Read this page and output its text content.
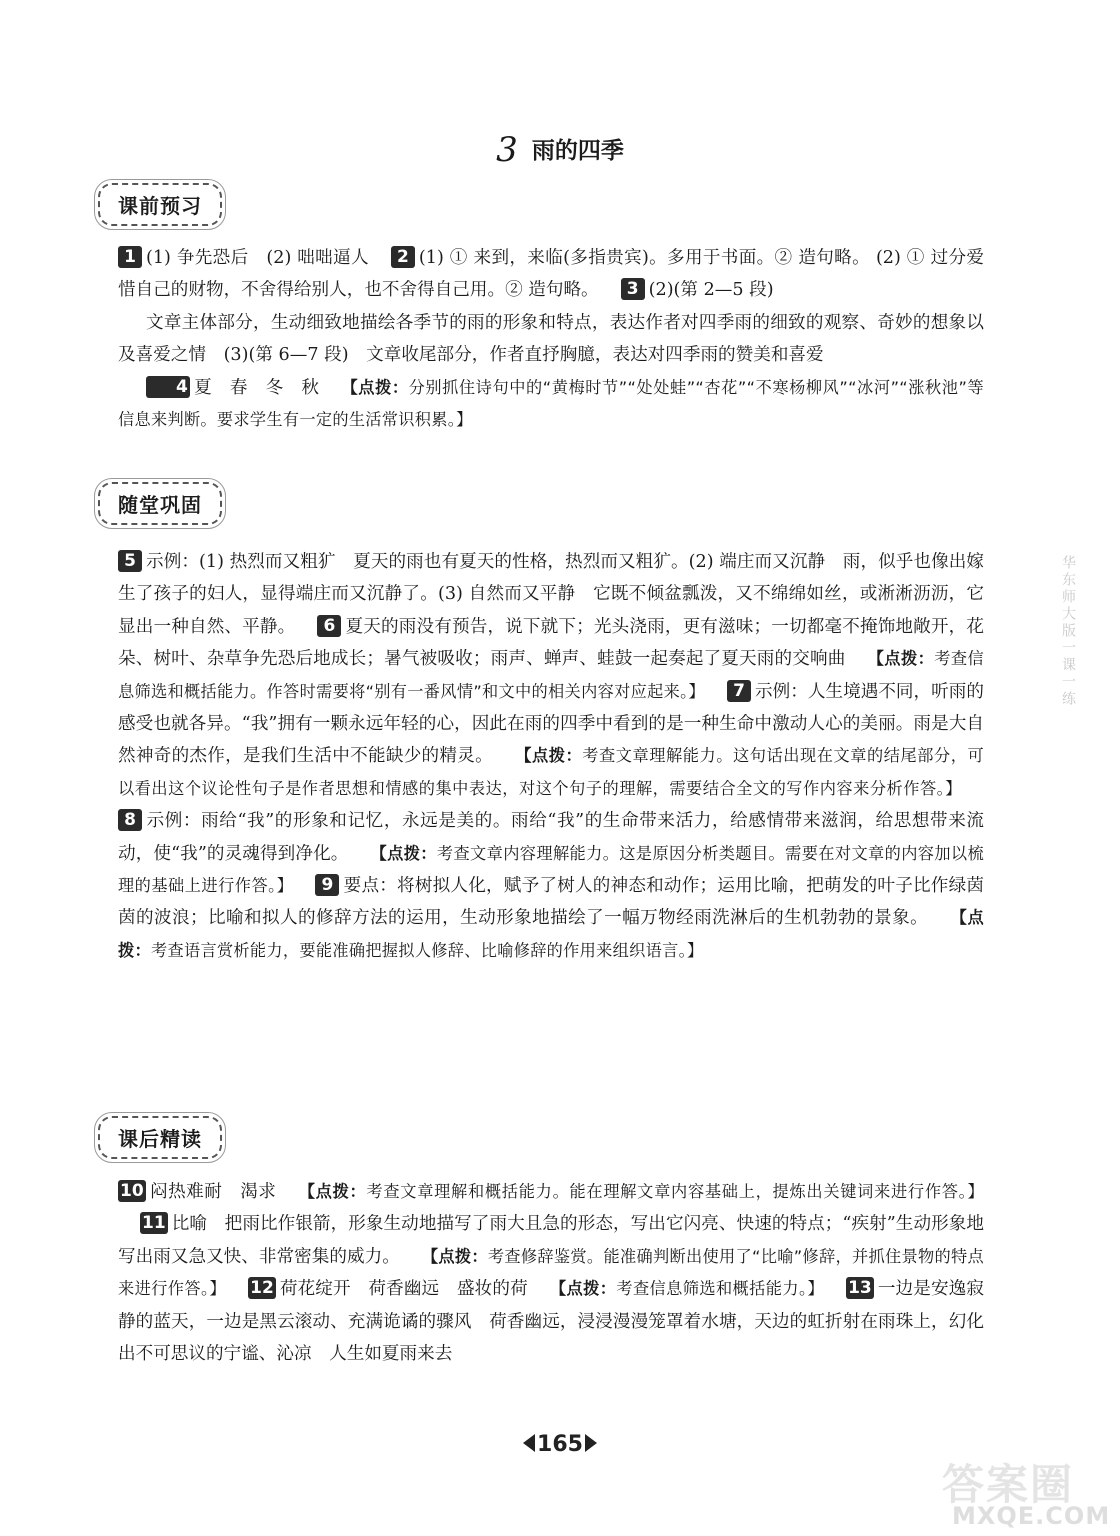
3 雨的四季
课前预习

1 (1) 争先恐后　(2) 咄咄逼人 2 (1) ① 来到，来临(多指贵宾)。多用于书面。② 造句略。 (2) ① 过分爱惜自己的财物，不舍得给别人，也不舍得自己用。② 造句略。 3 (2)(第 2—5 段)

文章主体部分，生动细致地描绘各季节的雨的形象和特点，表达作者对四季雨的细致的观察、奇妙的想象以及喜爱之情　(3)(第 6—7 段)　文章收尾部分，作者直抒胸臆，表达对四季雨的赞美和喜爱

4 夏　春　冬　秋 【点拨：分别抓住诗句中的“黄梅时节”“处处蛙”“杏花”“不寒杨柳风”“冰河”“涨秋池”等信息来判断。要求学生有一定的生活常识积累。】

随堂巩固

5 示例：(1) 热烈而又粗犷　夏天的雨也有夏天的性格，热烈而又粗犷。(2) 端庄而又沉静　雨，似乎也像出嫁生了孩子的妇人，显得端庄而又沉静了。(3) 自然而又平静　它既不倾盆瓢泼，又不绵绵如丝，或淅淅沥沥，它显出一种自然、平静。 6 夏天的雨没有预告，说下就下；光头浇雨，更有滋味；一切都毫不掩饰地敞开，花朵、树叶、杂草争先恐后地成长；暑气被吸收；雨声、蝉声、蛙鼓一起奏起了夏天雨的交响曲 【点拨：考查信息筛选和概括能力。作答时需要将“别有一番风情”和文中的相关内容对应起来。】 7 示例：人生境遇不同，听雨的感受也就各异。“我”拥有一颗永远年轻的心，因此在雨的四季中看到的是一种生命中激动人心的美丽。雨是大自然神奇的杰作，是我们生活中不能缺少的精灵。 【点拨：考查文章理解能力。这句话出现在文章的结尾部分，可以看出这个议论性句子是作者思想和情感的集中表达，对这个句子的理解，需要结合全文的写作内容来分析作答。】8 示例：雨给“我”的形象和记忆，永远是美的。雨给“我”的生命带来活力，给感情带来滋润，给思想带来流动，使“我”的灵魂得到净化。 【点拨：考查文章内容理解能力。这是原因分析类题目。需要在对文章的内容加以梳理的基础上进行作答。】 9 要点：将树拟人化，赋予了树人的神态和动作；运用比喻，把萌发的叶子比作绿茵茵的波浪；比喻和拟人的修辞方法的运用，生动形象地描绘了一幅万物经雨洗淋后的生机勃勃的景象。 【点拨：考查语言赏析能力，要能准确把握拟人修辞、比喻修辞的作用来组织语言。】

课后精读

10 闷热难耐　渴求 【点拨：考查文章理解和概括能力。能在理解文章内容基础上，提炼出关键词来进行作答。】11 比喻　把雨比作银箭，形象生动地描写了雨大且急的形态，写出它闪亮、快速的特点；“疾射”生动形象地写出雨又急又快、非常密集的威力。 【点拨：考查修辞鉴赏。能准确判断出使用了“比喻”修辞，并抓住景物的特点来进行作答。】 12 荷花绽开　荷香幽远　盛妆的荷 【点拨：考查信息筛选和概括能力。】 13 一边是安逸寂静的蓝天，一边是黑云滚动、充满诡谲的骤风　荷香幽远，浸浸漫漫笼罩着水塘，天边的虹折射在雨珠上，幻化出不可思议的宁谧、沁凉　人生如夏雨来去

华东师大版一课一练
165
答案圈
MXQE.COM
